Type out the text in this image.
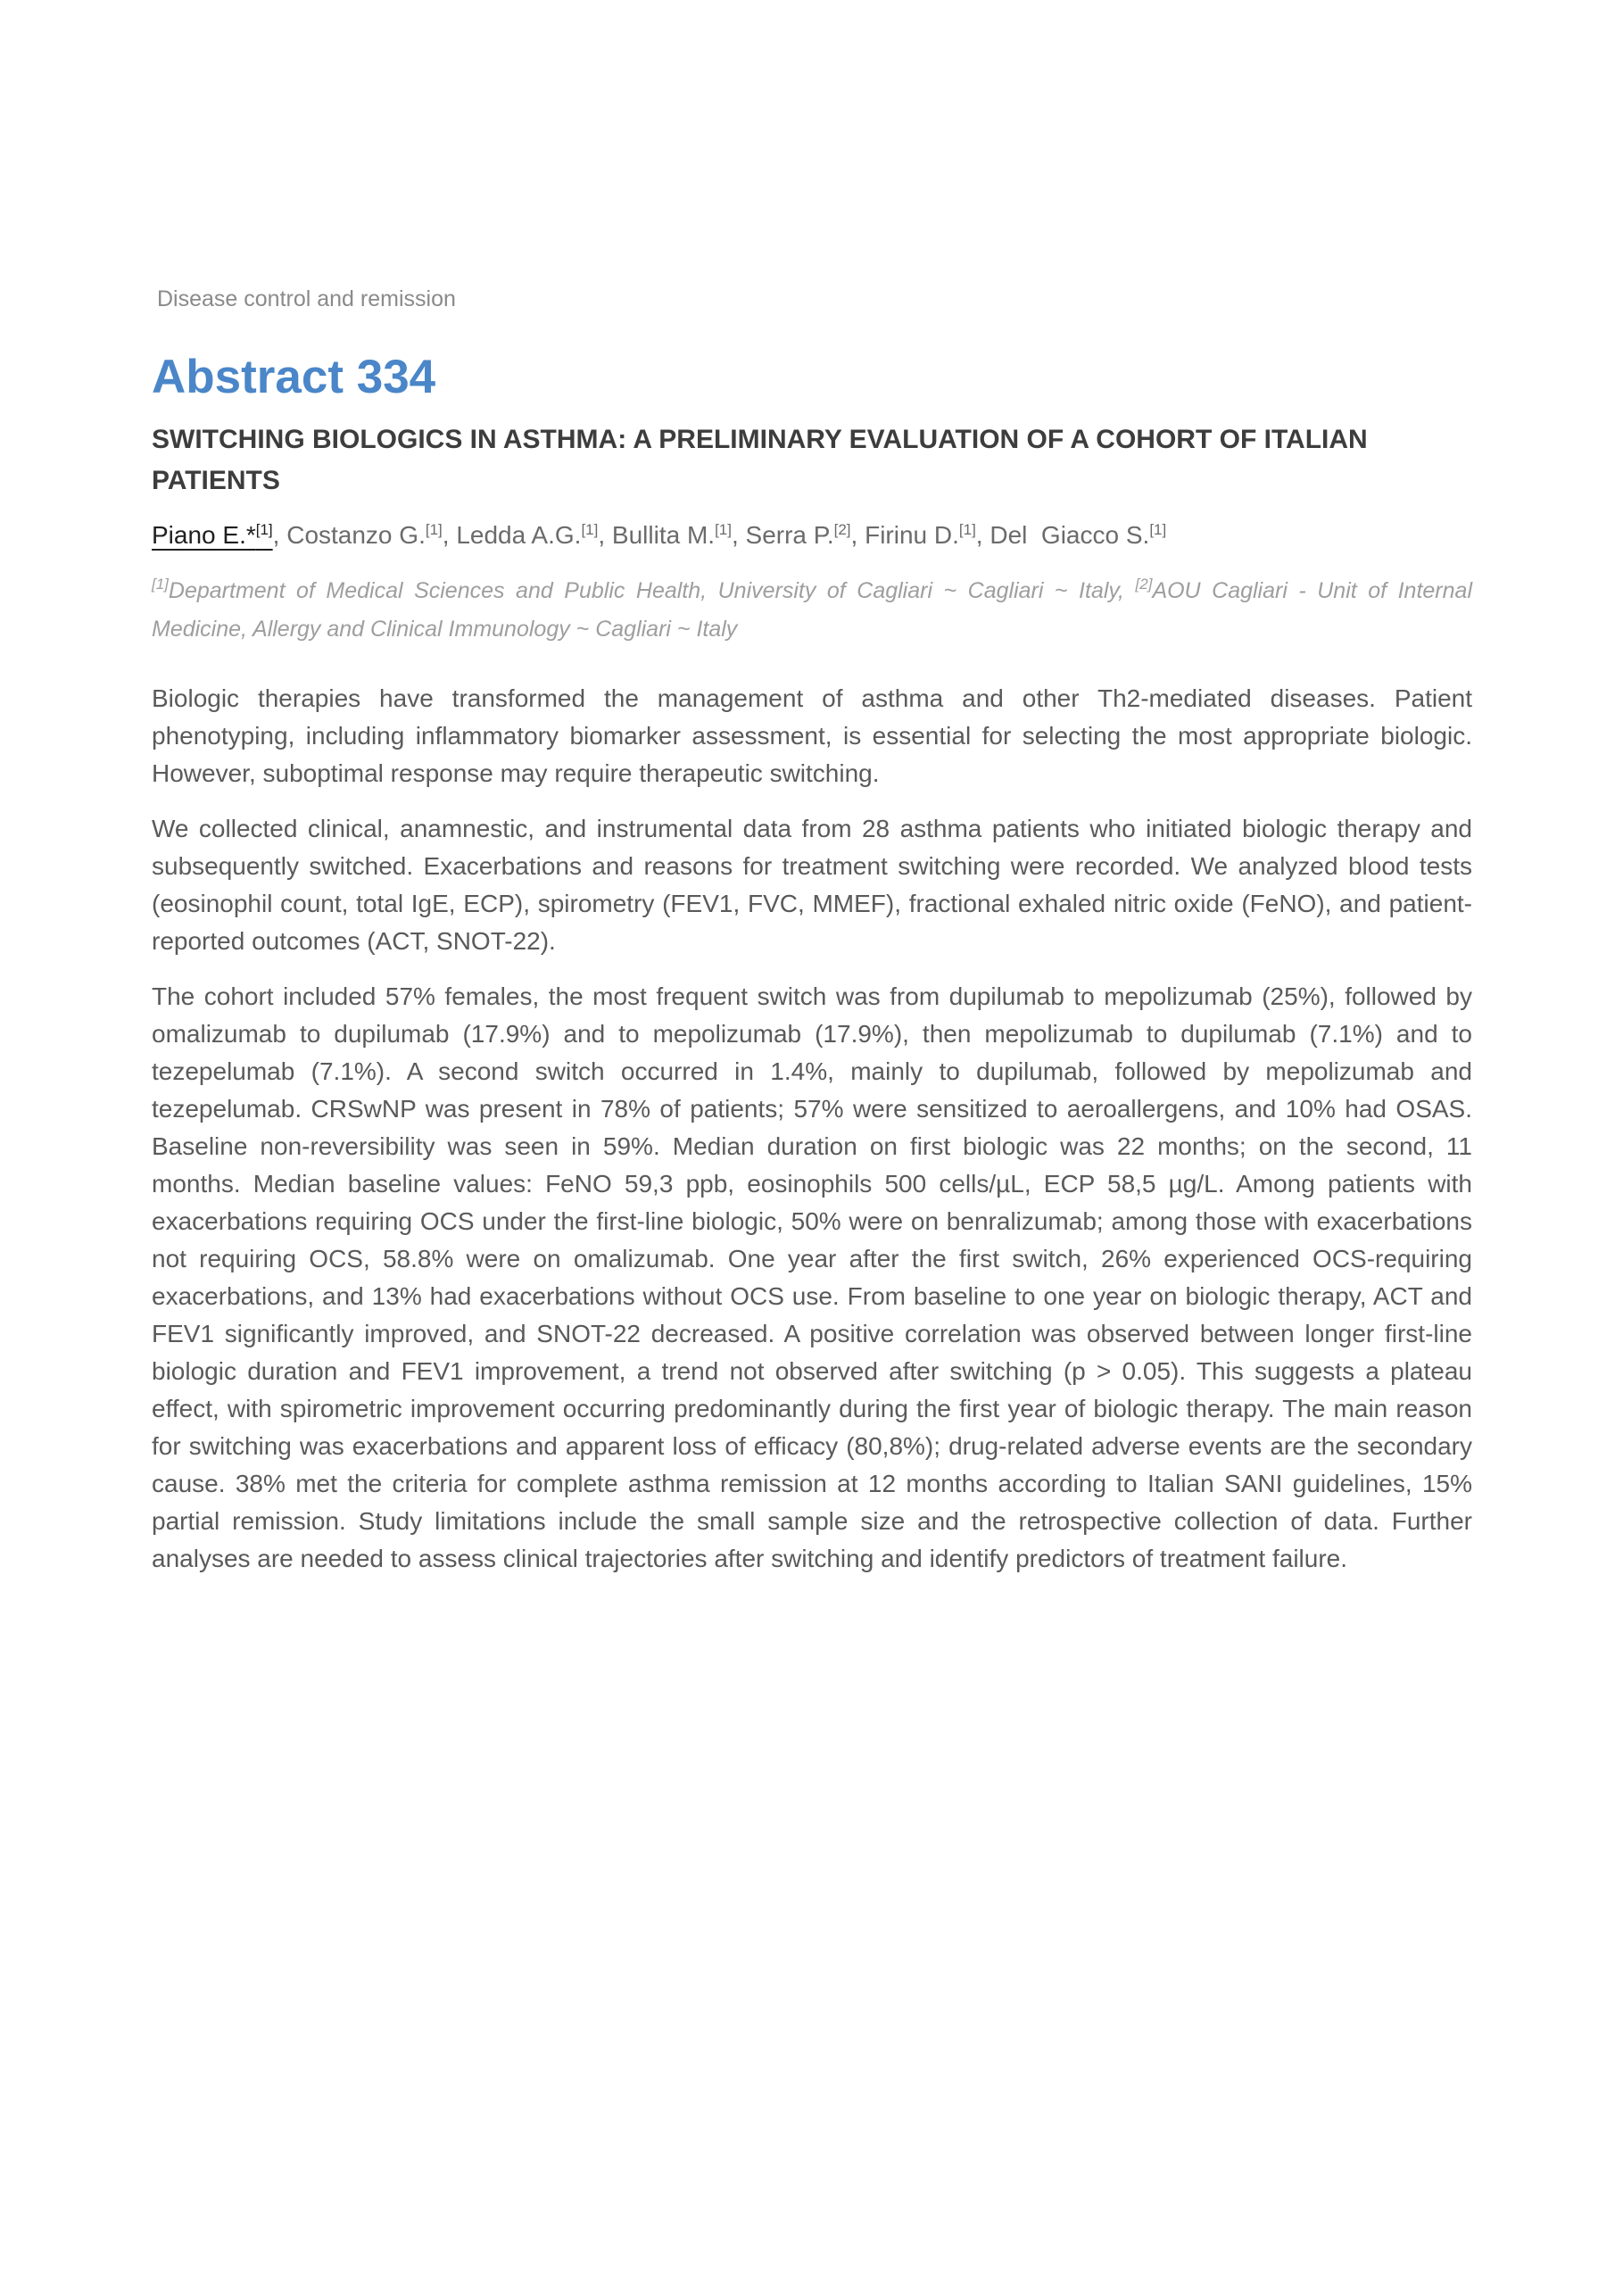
Disease control and remission
Abstract 334
SWITCHING BIOLOGICS IN ASTHMA: A PRELIMINARY EVALUATION OF A COHORT OF ITALIAN PATIENTS
Piano E.*[1], Costanzo G.[1], Ledda A.G.[1], Bullita M.[1], Serra P.[2], Firinu D.[1], Del  Giacco S.[1]
[1]Department of Medical Sciences and Public Health, University of Cagliari ~ Cagliari ~ Italy, [2]AOU Cagliari - Unit of Internal Medicine, Allergy and Clinical Immunology ~ Cagliari ~ Italy

Biologic therapies have transformed the management of asthma and other Th2-mediated diseases. Patient phenotyping, including inflammatory biomarker assessment, is essential for selecting the most appropriate biologic. However, suboptimal response may require therapeutic switching.

We collected clinical, anamnestic, and instrumental data from 28 asthma patients who initiated biologic therapy and subsequently switched. Exacerbations and reasons for treatment switching were recorded. We analyzed blood tests (eosinophil count, total IgE, ECP), spirometry (FEV1, FVC, MMEF), fractional exhaled nitric oxide (FeNO), and patient-reported outcomes (ACT, SNOT-22).

The cohort included 57% females, the most frequent switch was from dupilumab to mepolizumab (25%), followed by omalizumab to dupilumab (17.9%) and to mepolizumab (17.9%), then mepolizumab to dupilumab (7.1%) and to tezepelumab (7.1%). A second switch occurred in 1.4%, mainly to dupilumab, followed by mepolizumab and tezepelumab. CRSwNP was present in 78% of patients; 57% were sensitized to aeroallergens, and 10% had OSAS. Baseline non-reversibility was seen in 59%. Median duration on first biologic was 22 months; on the second, 11 months. Median baseline values: FeNO 59,3 ppb, eosinophils 500 cells/µL, ECP 58,5 µg/L. Among patients with exacerbations requiring OCS under the first-line biologic, 50% were on benralizumab; among those with exacerbations not requiring OCS, 58.8% were on omalizumab. One year after the first switch, 26% experienced OCS-requiring exacerbations, and 13% had exacerbations without OCS use. From baseline to one year on biologic therapy, ACT and FEV1 significantly improved, and SNOT-22 decreased. A positive correlation was observed between longer first-line biologic duration and FEV1 improvement, a trend not observed after switching (p > 0.05). This suggests a plateau effect, with spirometric improvement occurring predominantly during the first year of biologic therapy. The main reason for switching was exacerbations and apparent loss of efficacy (80,8%); drug-related adverse events are the secondary cause. 38% met the criteria for complete asthma remission at 12 months according to Italian SANI guidelines, 15% partial remission. Study limitations include the small sample size and the retrospective collection of data. Further analyses are needed to assess clinical trajectories after switching and identify predictors of treatment failure.
